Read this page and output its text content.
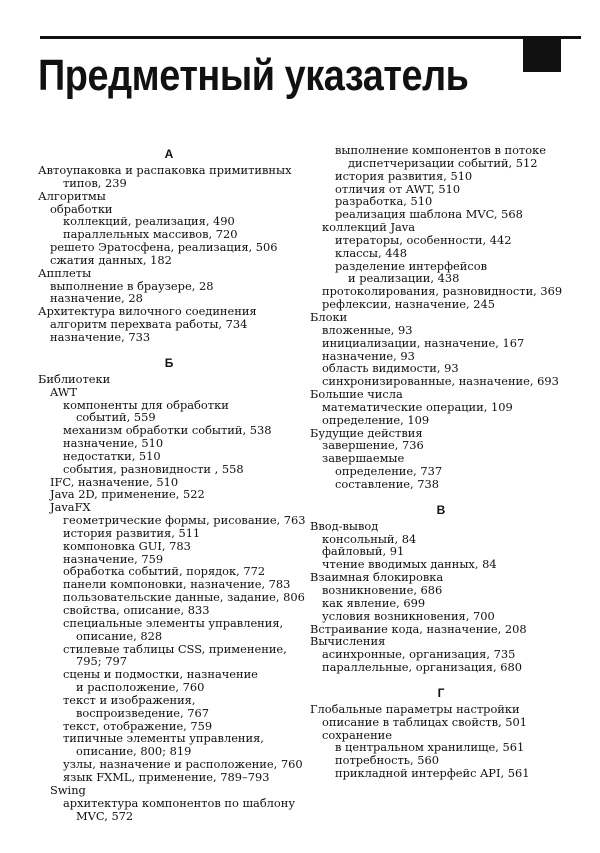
Предметный указатель
А
Автоупаковка и распаковка примитивных
типов, 239
Алгоритмы
обработки
коллекций, реализация, 490
параллельных массивов, 720
решето Эратосфена, реализация, 506
сжатия данных, 182
Апплеты
выполнение в браузере, 28
назначение, 28
Архитектура вилочного соединения
алгоритм перехвата работы, 734
назначение, 733
Б
Библиотеки
AWT
компоненты для обработки
событий, 559
механизм обработки событий, 538
назначение, 510
недостатки, 510
события, разновидности , 558
IFC, назначение, 510
Java 2D, применение, 522
JavaFX
геометрические формы, рисование, 763
история развития, 511
компоновка GUI, 783
назначение, 759
обработка событий, порядок, 772
панели компоновки, назначение, 783
пользовательские данные, задание, 806
свойства, описание, 833
специальные элементы управления,
описание, 828
стилевые таблицы CSS, применение,
795; 797
сцены и подмостки, назначение
и расположение, 760
текст и изображения,
воспроизведение, 767
текст, отображение, 759
типичные элементы управления,
описание, 800; 819
узлы, назначение и расположение, 760
язык FXML, применение, 789–793
Swing
архитектура компонентов по шаблону
MVC, 572
выполнение компонентов в потоке
диспетчеризации событий, 512
история развития, 510
отличия от AWT, 510
разработка, 510
реализация шаблона MVC, 568
коллекций Java
итераторы, особенности, 442
классы, 448
разделение интерфейсов
и реализации, 438
протоколирования, разновидности, 369
рефлексии, назначение, 245
Блоки
вложенные, 93
инициализации, назначение, 167
назначение, 93
область видимости, 93
синхронизированные, назначение, 693
Большие числа
математические операции, 109
определение, 109
Будущие действия
завершение, 736
завершаемые
определение, 737
составление, 738
В
Ввод-вывод
консольный, 84
файловый, 91
чтение вводимых данных, 84
Взаимная блокировка
возникновение, 686
как явление, 699
условия возникновения, 700
Встраивание кода, назначение, 208
Вычисления
асинхронные, организация, 735
параллельные, организация, 680
Г
Глобальные параметры настройки
описание в таблицах свойств, 501
сохранение
в центральном хранилище, 561
потребность, 560
прикладной интерфейс API, 561
